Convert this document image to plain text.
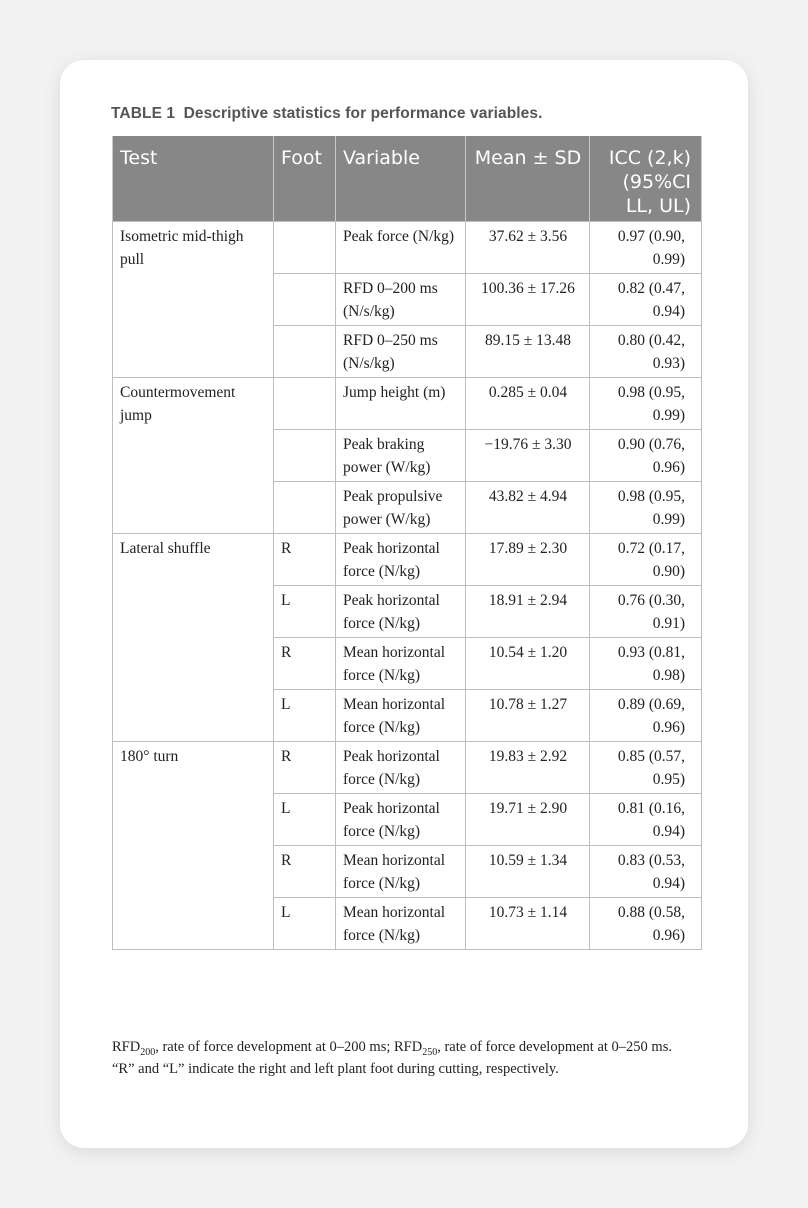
TABLE 1 Descriptive statistics for performance variables.
Test	Foot	Variable	Mean ± SD	ICC (2,k) (95%CI LL, UL)
Isometric mid-thigh pull		Peak force (N/kg)	37.62 ± 3.56	0.97 (0.90, 0.99)
		RFD 0–200 ms (N/s/kg)	100.36 ± 17.26	0.82 (0.47, 0.94)
		RFD 0–250 ms (N/s/kg)	89.15 ± 13.48	0.80 (0.42, 0.93)
Countermovement jump		Jump height (m)	0.285 ± 0.04	0.98 (0.95, 0.99)
		Peak braking power (W/kg)	−19.76 ± 3.30	0.90 (0.76, 0.96)
		Peak propulsive power (W/kg)	43.82 ± 4.94	0.98 (0.95, 0.99)
Lateral shuffle	R	Peak horizontal force (N/kg)	17.89 ± 2.30	0.72 (0.17, 0.90)
	L	Peak horizontal force (N/kg)	18.91 ± 2.94	0.76 (0.30, 0.91)
	R	Mean horizontal force (N/kg)	10.54 ± 1.20	0.93 (0.81, 0.98)
	L	Mean horizontal force (N/kg)	10.78 ± 1.27	0.89 (0.69, 0.96)
180° turn	R	Peak horizontal force (N/kg)	19.83 ± 2.92	0.85 (0.57, 0.95)
	L	Peak horizontal force (N/kg)	19.71 ± 2.90	0.81 (0.16, 0.94)
	R	Mean horizontal force (N/kg)	10.59 ± 1.34	0.83 (0.53, 0.94)
	L	Mean horizontal force (N/kg)	10.73 ± 1.14	0.88 (0.58, 0.96)

$RFD_{200}$, rate of force development at 0–200 ms; $RFD_{250}$, rate of force development at 0–250 ms.

“R” and “L” indicate the right and left plant foot during cutting, respectively.
